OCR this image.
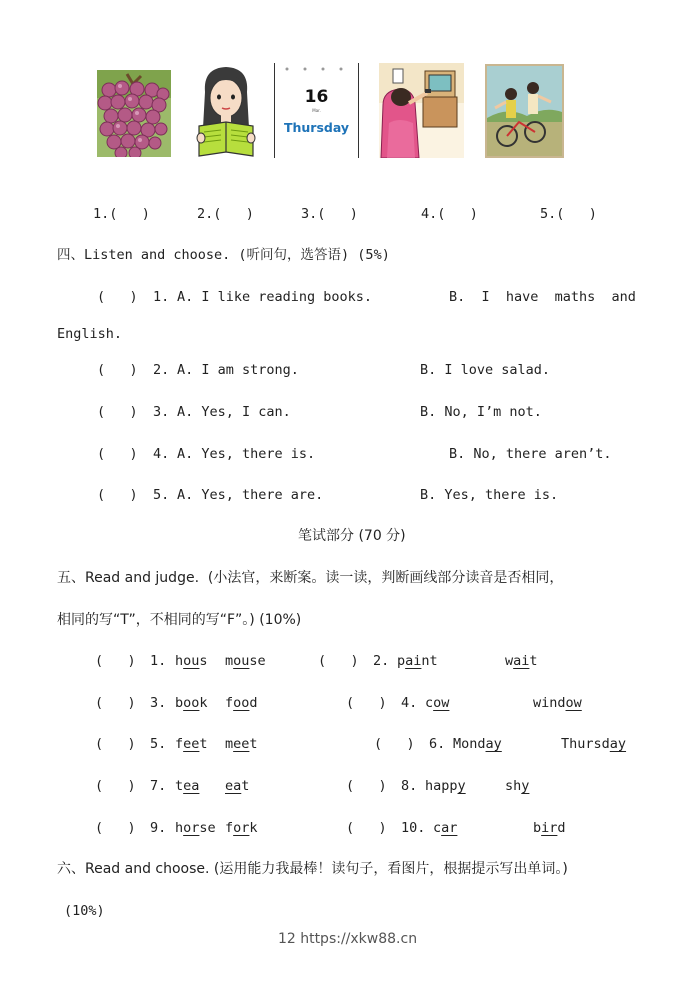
16
Mar.
Thursday
1.(   )	2.(   )	3.(   )	4.(   )	5.(   )
四、Listen and choose. (听问句，选答语) (5%)
(   ) 1. A. I like reading books.	B.  I  have  maths  and
English.
(   ) 2. A. I am strong.	B. I love salad.
(   ) 3. A. Yes, I can.	B. No, I’m not.
(   ) 4. A. Yes, there is.	B. No, there aren’t.
(   ) 5. A. Yes, there are.	B. Yes, there is.
笔试部分 (70 分)
五、Read and judge.  (小法官，来断案。读一读，判断画线部分读音是否相同，
相同的写“T”，不相同的写“F”。) (10%)
(   ) 1. hous mouse	(   ) 2. paint	wait
(   ) 3. book food	(   ) 4. cow	window
(   ) 5. feet meet	(   ) 6. Monday	Thursday
(   ) 7. tea eat	(   ) 8. happy	shy
(   ) 9. horse fork	(   ) 10. car	bird
六、Read and choose. (运用能力我最棒！读句子，看图片，根据提示写出单词。)
(10%)
12 https://xkw88.cn
